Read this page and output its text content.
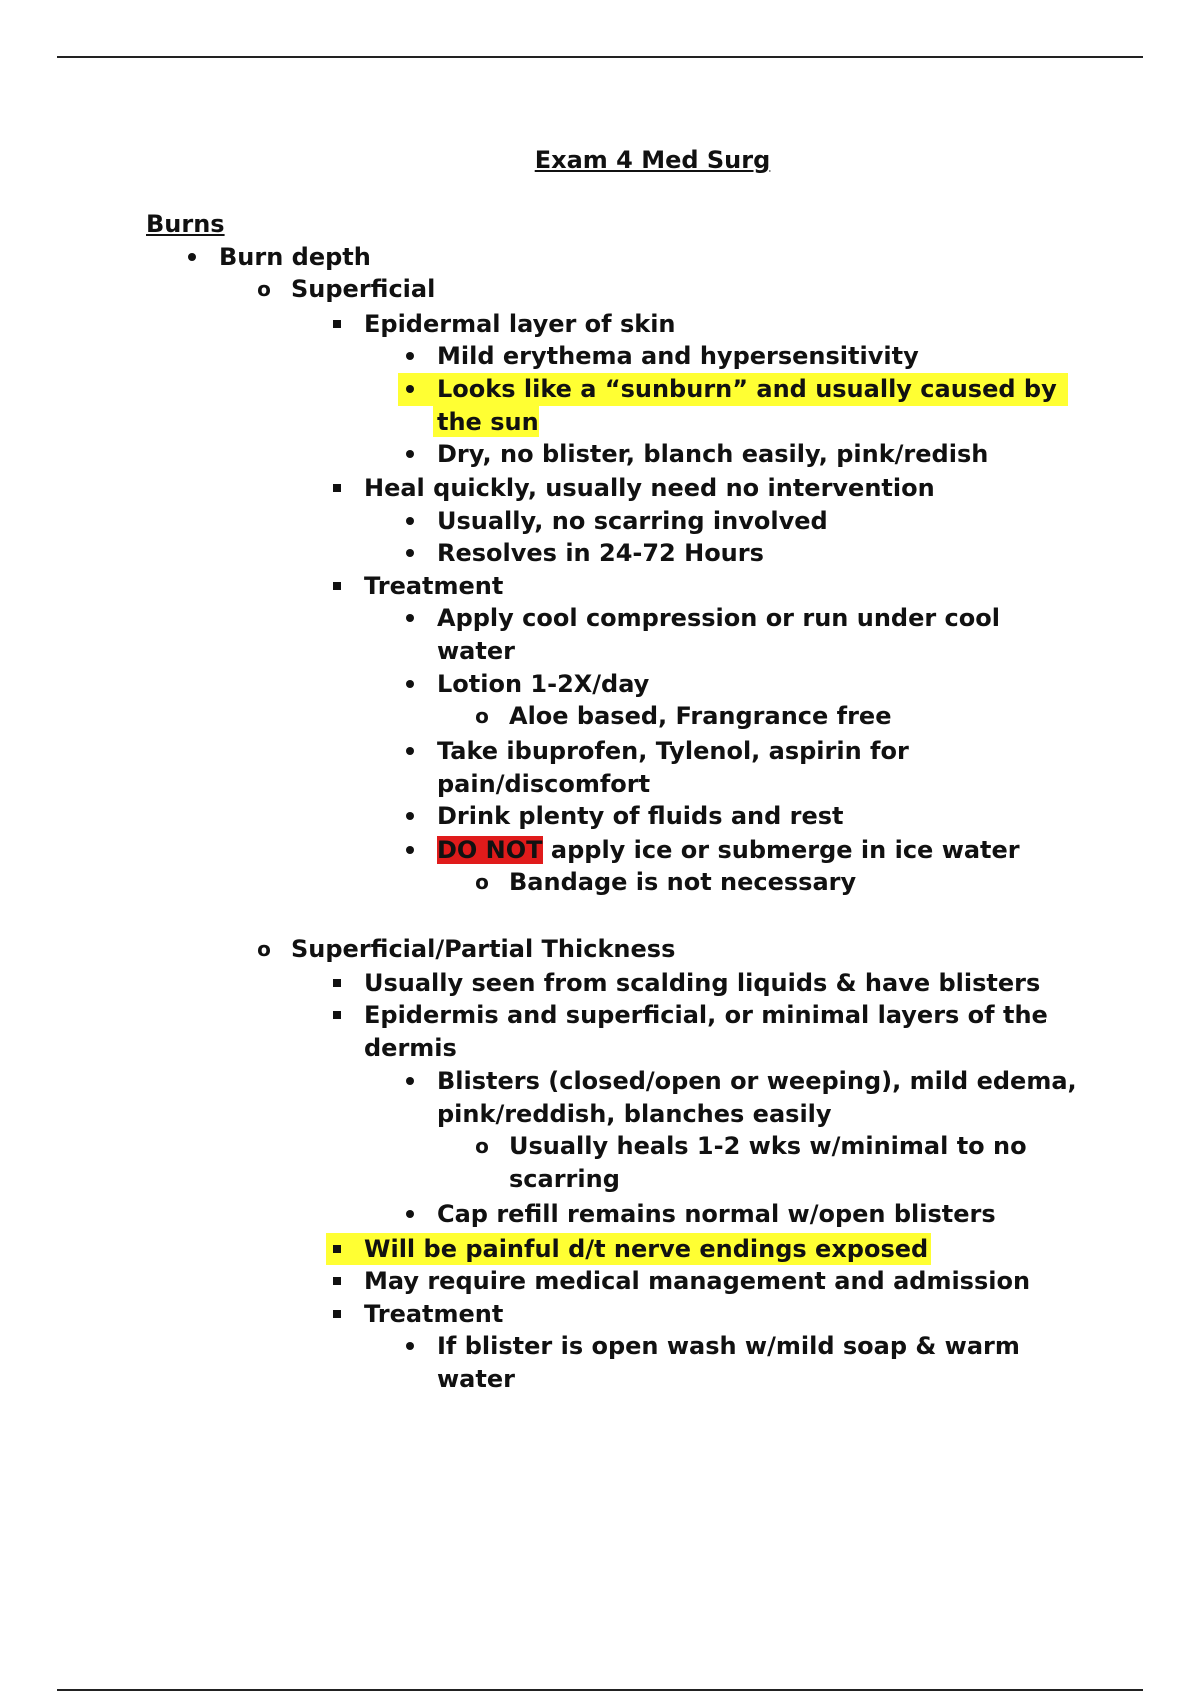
Exam 4 Med Surg
Burns
Burn depth
o Superficial
Epidermal layer of skin
Mild erythema and hypersensitivity
Looks like a “sunburn” and usually caused by the sun
Dry, no blister, blanch easily, pink/redish
Heal quickly, usually need no intervention
Usually, no scarring involved
Resolves in 24-72 Hours
Treatment
Apply cool compression or run under cool water
Lotion 1-2X/day
o Aloe based, Frangrance free
Take ibuprofen, Tylenol, aspirin for pain/discomfort
Drink plenty of fluids and rest
DO NOT apply ice or submerge in ice water
o Bandage is not necessary
o Superficial/Partial Thickness
Usually seen from scalding liquids & have blisters
Epidermis and superficial, or minimal layers of the dermis
Blisters (closed/open or weeping), mild edema, pink/reddish, blanches easily
o Usually heals 1-2 wks w/minimal to no scarring
Cap refill remains normal w/open blisters
Will be painful d/t nerve endings exposed
May require medical management and admission
Treatment
If blister is open wash w/mild soap & warm water
